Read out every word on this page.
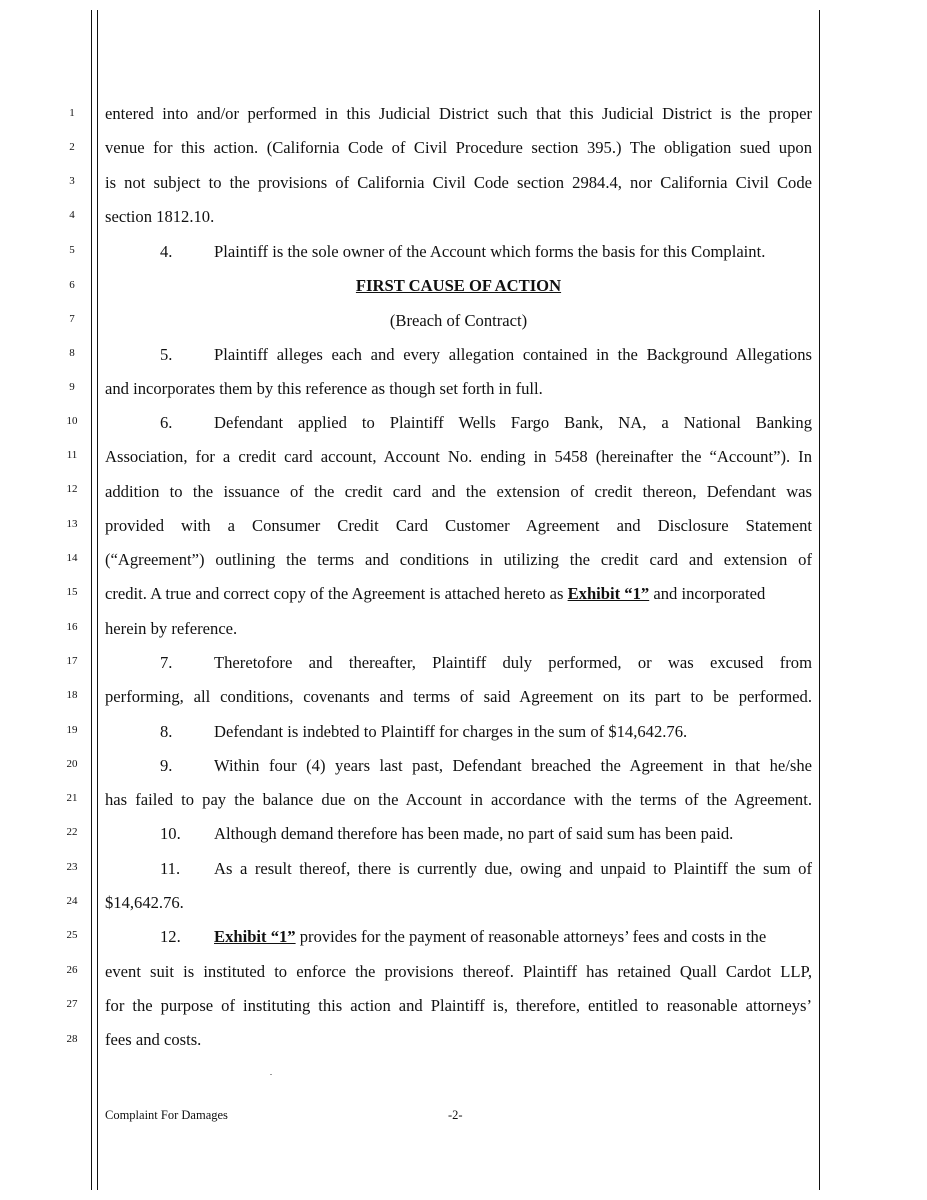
1
2
3
4
5
6
7
8
9
10
11
12
13
14
15
16
17
18
19
20
21
22
23
24
25
26
27
28
entered into and/or performed in this Judicial District such that this Judicial District is the proper
venue for this action. (California Code of Civil Procedure section 395.) The obligation sued upon
is not subject to the provisions of California Civil Code section 2984.4, nor California Civil Code
section 1812.10.
4.	Plaintiff is the sole owner of the Account which forms the basis for this Complaint.
FIRST CAUSE OF ACTION
(Breach of Contract)
5.	Plaintiff alleges each and every allegation contained in the Background Allegations
and incorporates them by this reference as though set forth in full.
6.	Defendant applied to Plaintiff Wells Fargo Bank, NA, a National Banking
Association, for a credit card account, Account No. ending in 5458 (hereinafter the “Account”). In
addition to the issuance of the credit card and the extension of credit thereon, Defendant was
provided with a Consumer Credit Card Customer Agreement and Disclosure Statement
(“Agreement”) outlining the terms and conditions in utilizing the credit card and extension of
credit. A true and correct copy of the Agreement is attached hereto as Exhibit “1” and incorporated
herein by reference.
7.	Theretofore and thereafter, Plaintiff duly performed, or was excused from
performing, all conditions, covenants and terms of said Agreement on its part to be performed.
8.	Defendant is indebted to Plaintiff for charges in the sum of $14,642.76.
9.	Within four (4) years last past, Defendant breached the Agreement in that he/she
has failed to pay the balance due on the Account in accordance with the terms of the Agreement.
10. Although demand therefore has been made, no part of said sum has been paid.
11. As a result thereof, there is currently due, owing and unpaid to Plaintiff the sum of
$14,642.76.
12. Exhibit “1” provides for the payment of reasonable attorneys’ fees and costs in the
event suit is instituted to enforce the provisions thereof. Plaintiff has retained Quall Cardot LLP,
for the purpose of instituting this action and Plaintiff is, therefore, entitled to reasonable attorneys’
fees and costs.
Complaint For Damages	-2-
